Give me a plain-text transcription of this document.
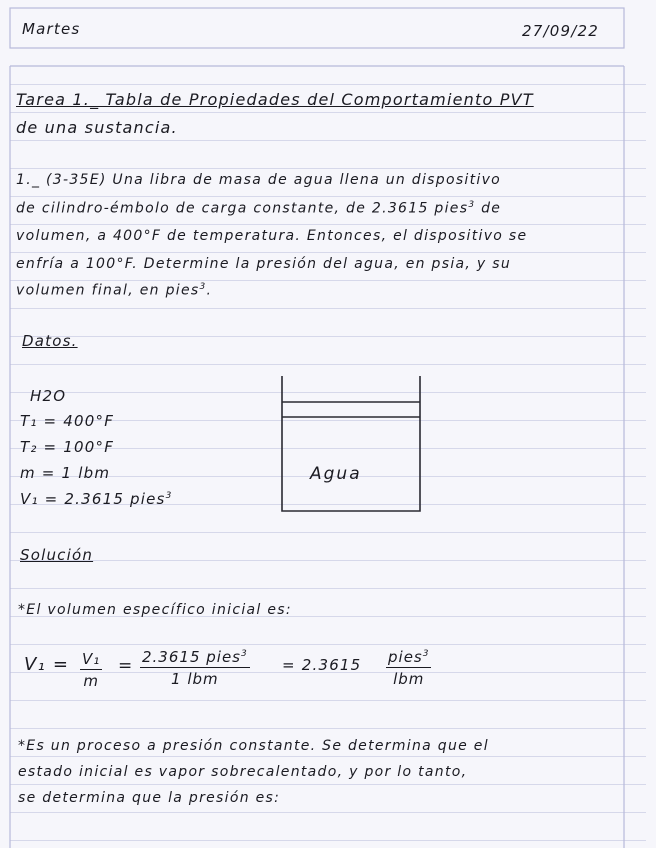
Martes	27/09/22
Tarea 1._ Tabla de Propiedades del Comportamiento PVT
de una sustancia.
1._ (3-35E) Una libra de masa de agua llena un dispositivo
de cilindro-émbolo de carga constante, de 2.3615 pies$^3$ de
volumen, a 400°F de temperatura. Entonces, el dispositivo se
enfría a 100°F. Determine la presión del agua, en psia, y su
volumen final, en pies$^3$.
Datos.
H2O
T₁ = 400°F
T₂ = 100°F
m = 1 lbm
V₁ = 2.3615 pies$^3$
Agua
Solución
*El volumen específico inicial es:
$V_1 = \frac{\text{V₁}}{m} = 2.3615$ pies$^3$
1 lbm
= 2.3615 pies$^3$
lbm
*Es un proceso a presión constante. Se determina que el
estado inicial es vapor sobrecalentado, y por lo tanto,
se determina que la presión es:
